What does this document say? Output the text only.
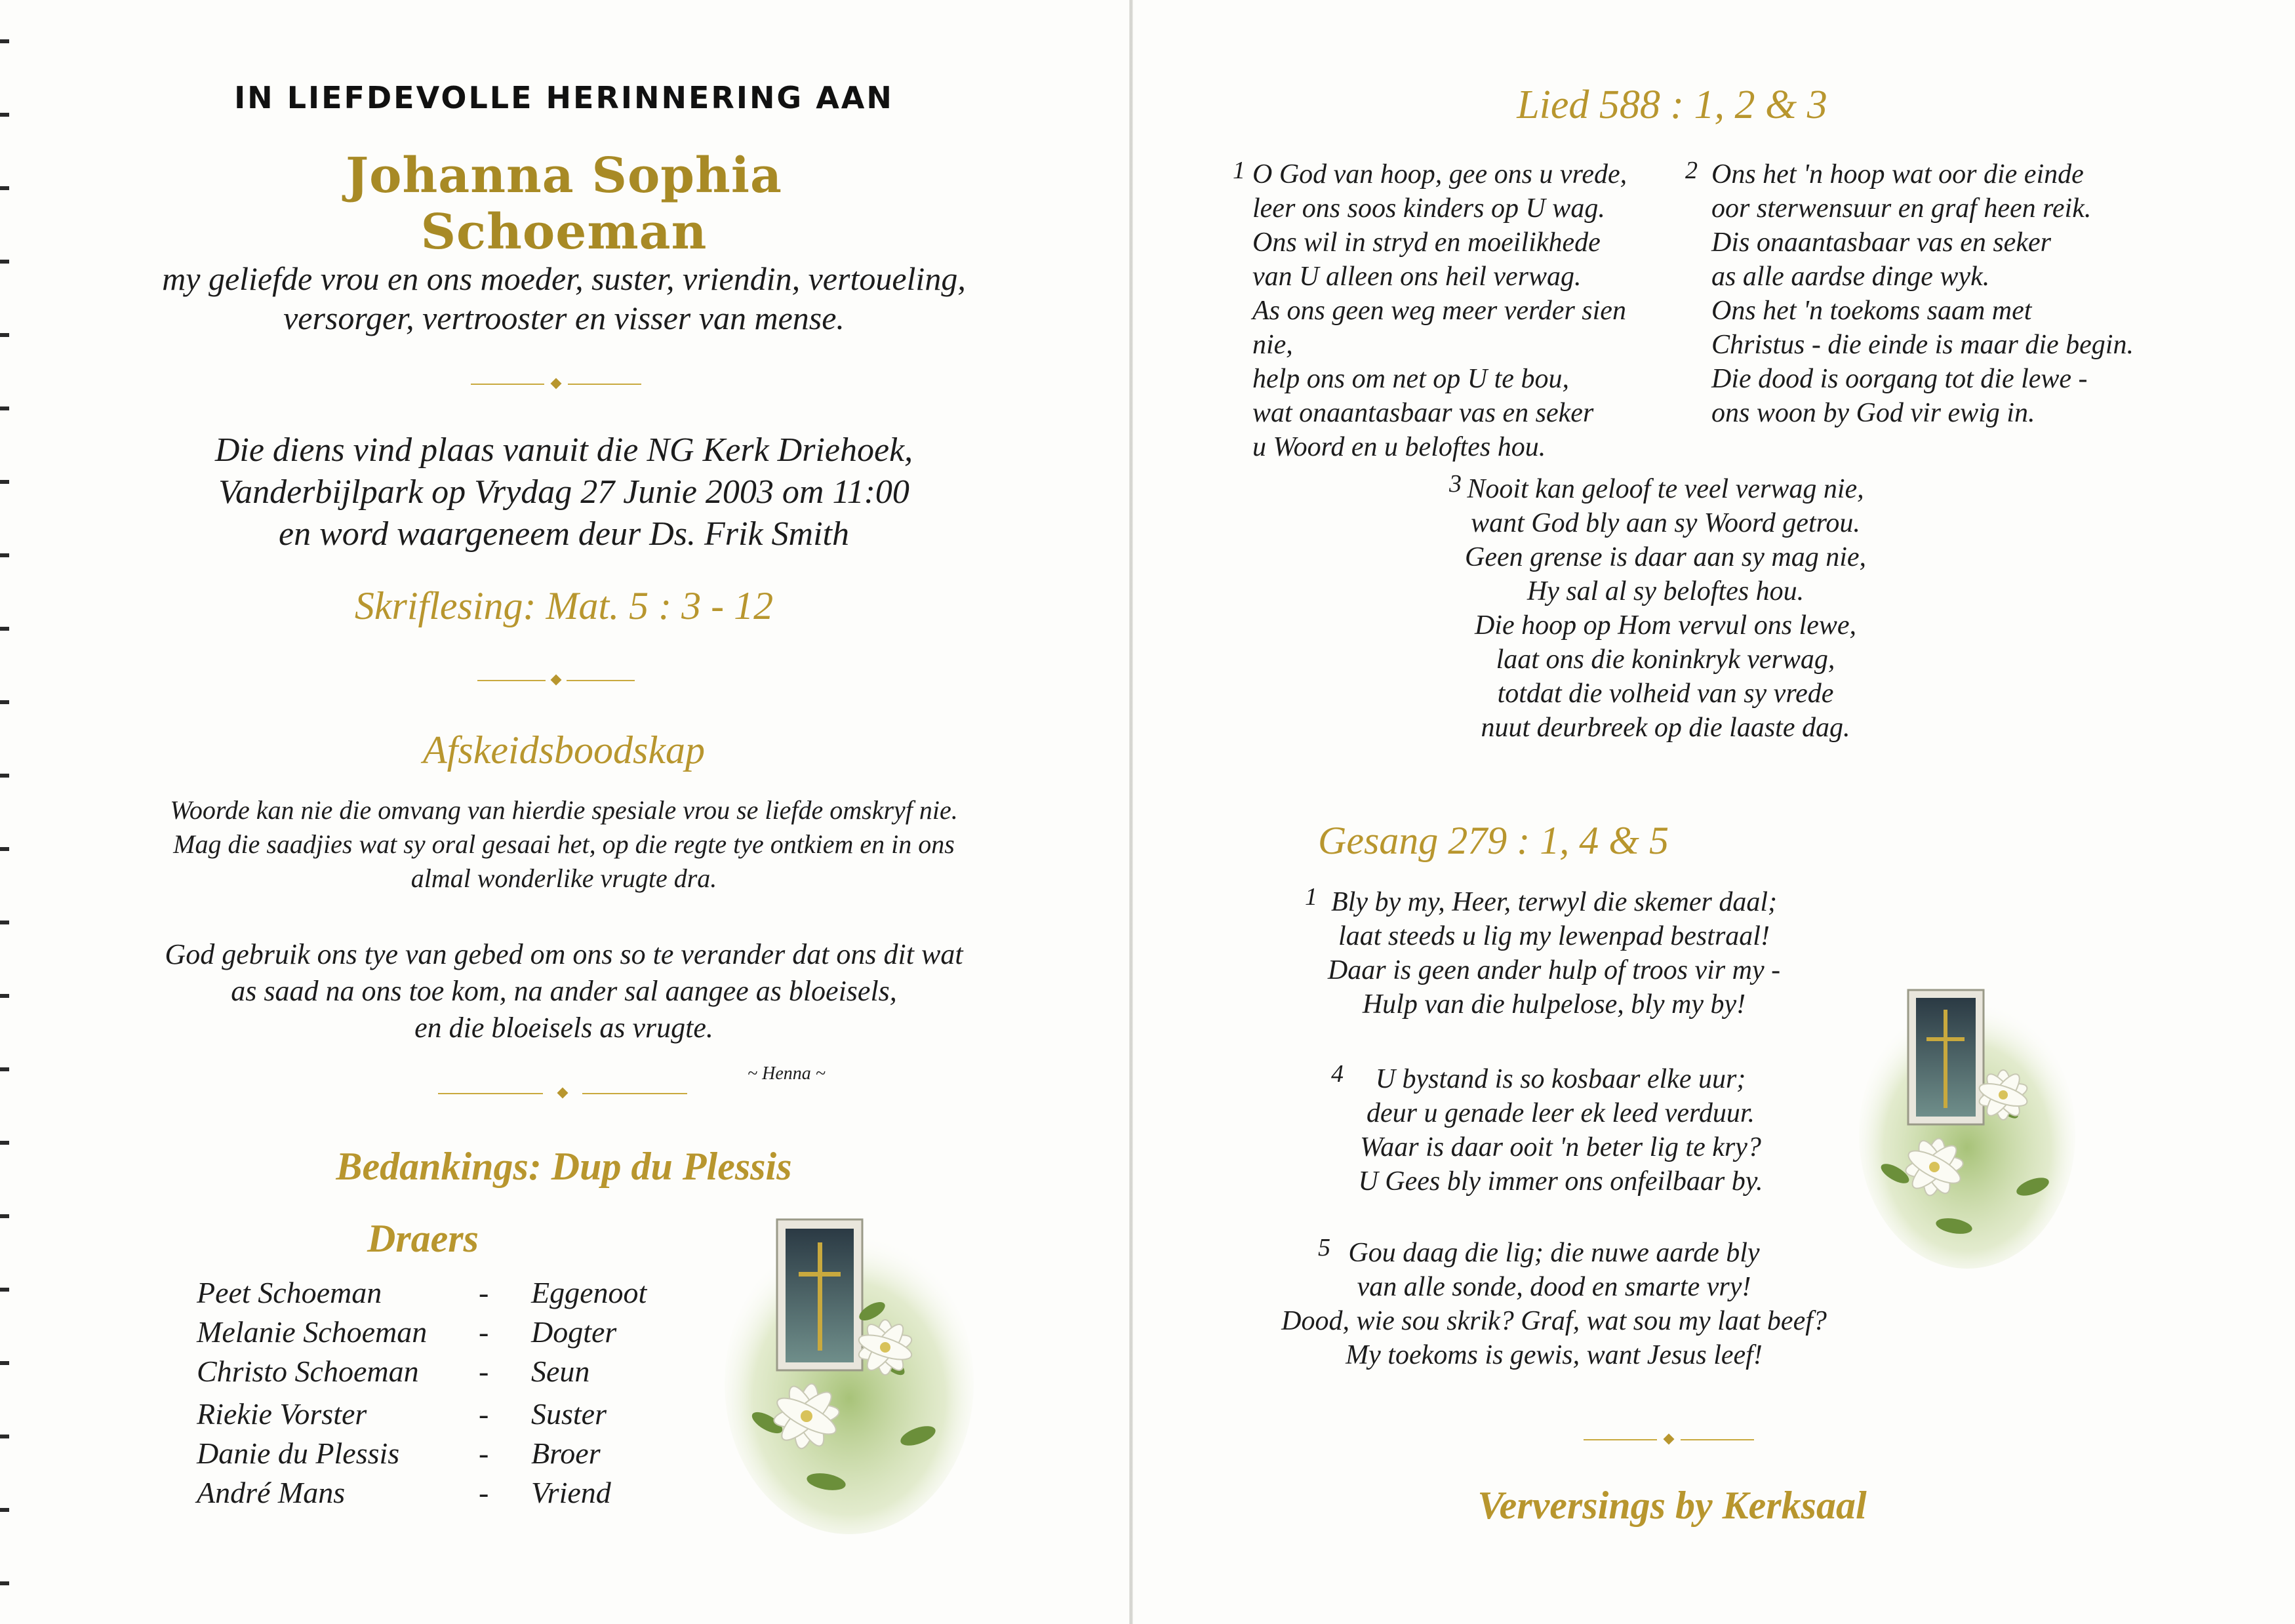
IN LIEFDEVOLLE HERINNERING AAN
Johanna Sophia Schoeman
my geliefde vrou en ons moeder, suster, vriendin, vertoueling,
versorger, vertrooster en visser van mense.
Die diens vind plaas vanuit die NG Kerk Driehoek,
Vanderbijlpark op Vrydag 27 Junie 2003 om 11:00
en word waargeneem deur Ds. Frik Smith
Skriflesing: Mat. 5 : 3 - 12
Afskeidsboodskap
Woorde kan nie die omvang van hierdie spesiale vrou se liefde omskryf nie.
Mag die saadjies wat sy oral gesaai het, op die regte tye ontkiem en in ons
almal wonderlike vrugte dra.
God gebruik ons tye van gebed om ons so te verander dat ons dit wat
as saad na ons toe kom, na ander sal aangee as bloeisels,
en die bloeisels as vrugte.
~ Henna ~
Bedankings: Dup du Plessis
Draers
Peet Schoeman	- Eggenoot
Melanie Schoeman - Dogter
Christo Schoeman - Seun
Riekie Vorster	- Suster
Danie du Plessis	- Broer
André Mans	- Vriend
Lied 588 : 1, 2 & 3
1 O God van hoop, gee ons u vrede,
leer ons soos kinders op U wag.
Ons wil in stryd en moeilikhede
van U alleen ons heil verwag.
As ons geen weg meer verder sien nie,
help ons om net op U te bou,
wat onaantasbaar vas en seker
u Woord en u beloftes hou.
2 Ons het 'n hoop wat oor die einde
oor sterwensuur en graf heen reik.
Dis onaantasbaar vas en seker
as alle aardse dinge wyk.
Ons het 'n toekoms saam met
Christus - die einde is maar die begin.
Die dood is oorgang tot die lewe -
ons woon by God vir ewig in.
3 Nooit kan geloof te veel verwag nie,
want God bly aan sy Woord getrou.
Geen grense is daar aan sy mag nie,
Hy sal al sy beloftes hou.
Die hoop op Hom vervul ons lewe,
laat ons die koninkryk verwag,
totdat die volheid van sy vrede
nuut deurbreek op die laaste dag.
Gesang 279 : 1, 4 & 5
1 Bly by my, Heer, terwyl die skemer daal;
laat steeds u lig my lewenpad bestraal!
Daar is geen ander hulp of troos vir my -
Hulp van die hulpelose, bly my by!
4	U bystand is so kosbaar elke uur;
deur u genade leer ek leed verduur.
Waar is daar ooit 'n beter lig te kry?
U Gees bly immer ons onfeilbaar by.
5 Gou daag die lig; die nuwe aarde bly
van alle sonde, dood en smarte vry!
Dood, wie sou skrik? Graf, wat sou my laat beef?
My toekoms is gewis, want Jesus leef!
Verversings by Kerksaal
